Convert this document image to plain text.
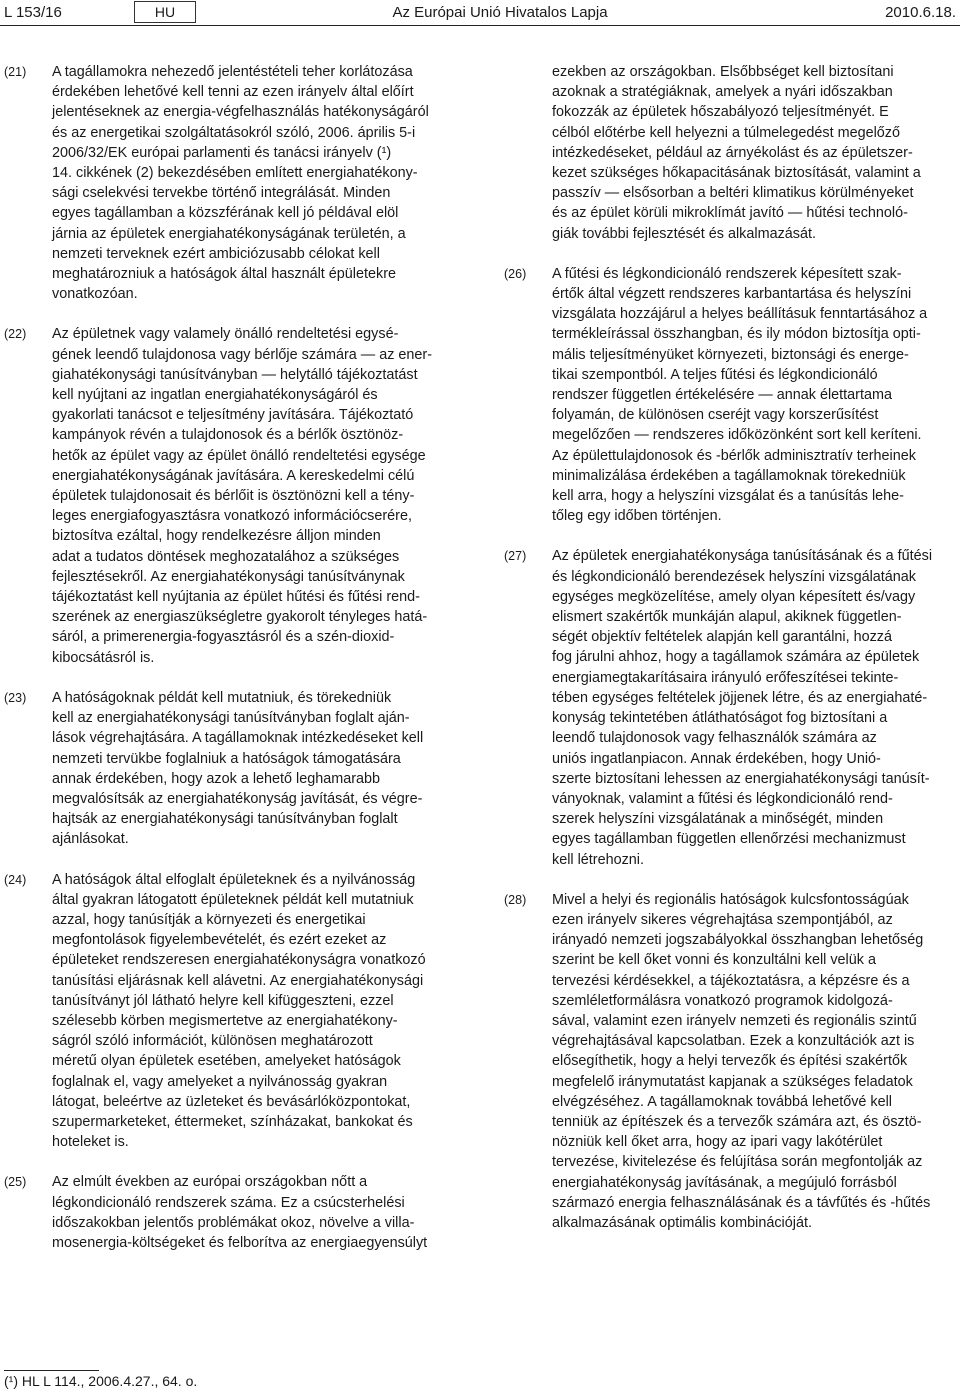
L 153/16	HU	Az Európai Unió Hivatalos Lapja	2010.6.18.
(21) A tagállamokra nehezedő jelentéstételi teher korlátozása
érdekében lehetővé kell tenni az ezen irányelv által előírt
jelentéseknek az energia-végfelhasználás hatékonyságáról
és az energetikai szolgáltatásokról szóló, 2006. április 5-i
2006/32/EK európai parlamenti és tanácsi irányelv (¹)
14. cikkének (2) bekezdésében említett energiahatékony-
sági cselekvési tervekbe történő integrálását. Minden
egyes tagállamban a közszférának kell jó példával elöl
járnia az épületek energiahatékonyságának területén, a
nemzeti terveknek ezért ambiciózusabb célokat kell
meghatározniuk a hatóságok által használt épületekre
vonatkozóan.
(22) Az épületnek vagy valamely önálló rendeltetési egysé-
gének leendő tulajdonosa vagy bérlője számára — az ener-
giahatékonysági tanúsítványban — helytálló tájékoztatást
kell nyújtani az ingatlan energiahatékonyságáról és
gyakorlati tanácsot e teljesítmény javítására. Tájékoztató
kampányok révén a tulajdonosok és a bérlők ösztönöz-
hetők az épület vagy az épület önálló rendeltetési egysége
energiahatékonyságának javítására. A kereskedelmi célú
épületek tulajdonosait és bérlőit is ösztönözni kell a tény-
leges energiafogyasztásra vonatkozó információcserére,
biztosítva ezáltal, hogy rendelkezésre álljon minden
adat a tudatos döntések meghozatalához a szükséges
fejlesztésekről. Az energiahatékonysági tanúsítványnak
tájékoztatást kell nyújtania az épület hűtési és fűtési rend-
szerének az energiaszükségletre gyakorolt tényleges hatá-
sáról, a primerenergia-fogyasztásról és a szén-dioxid-
kibocsátásról is.
(23) A hatóságoknak példát kell mutatniuk, és törekedniük
kell az energiahatékonysági tanúsítványban foglalt aján-
lások végrehajtására. A tagállamoknak intézkedéseket kell
nemzeti tervükbe foglalniuk a hatóságok támogatására
annak érdekében, hogy azok a lehető leghamarabb
megvalósítsák az energiahatékonyság javítását, és végre-
hajtsák az energiahatékonysági tanúsítványban foglalt
ajánlásokat.
(24) A hatóságok által elfoglalt épületeknek és a nyilvánosság
által gyakran látogatott épületeknek példát kell mutatniuk
azzal, hogy tanúsítják a környezeti és energetikai
megfontolások figyelembevételét, és ezért ezeket az
épületeket rendszeresen energiahatékonyságra vonatkozó
tanúsítási eljárásnak kell alávetni. Az energiahatékonysági
tanúsítványt jól látható helyre kell kifüggeszteni, ezzel
szélesebb körben megismertetve az energiahatékony-
ságról szóló információt, különösen meghatározott
méretű olyan épületek esetében, amelyeket hatóságok
foglalnak el, vagy amelyeket a nyilvánosság gyakran
látogat, beleértve az üzleteket és bevásárlóközpontokat,
szupermarketeket, éttermeket, színházakat, bankokat és
hoteleket is.
(25) Az elmúlt években az európai országokban nőtt a
légkondicionáló rendszerek száma. Ez a csúcsterhelési
időszakokban jelentős problémákat okoz, növelve a villa-
mosenergia-költségeket és felborítva az energiaegyensúlyt
ezekben az országokban. Elsőbbséget kell biztosítani
azoknak a stratégiáknak, amelyek a nyári időszakban
fokozzák az épületek hőszabályozó teljesítményét. E
célból előtérbe kell helyezni a túlmelegedést megelőző
intézkedéseket, például az árnyékolást és az épületszer-
kezet szükséges hőkapacitásának biztosítását, valamint a
passzív — elsősorban a beltéri klimatikus körülményeket
és az épület körüli mikroklímát javító — hűtési technoló-
giák további fejlesztését és alkalmazását.
(26) A fűtési és légkondicionáló rendszerek képesített szak-
értők által végzett rendszeres karbantartása és helyszíni
vizsgálata hozzájárul a helyes beállításuk fenntartásához a
termékleírással összhangban, és ily módon biztosítja opti-
mális teljesítményüket környezeti, biztonsági és energe-
tikai szempontból. A teljes fűtési és légkondicionáló
rendszer független értékelésére — annak élettartama
folyamán, de különösen cseréjt vagy korszerűsítést
megelőzően — rendszeres időközönként sort kell keríteni.
Az épülettulajdonosok és -bérlők adminisztratív terheinek
minimalizálása érdekében a tagállamoknak törekedniük
kell arra, hogy a helyszíni vizsgálat és a tanúsítás lehe-
tőleg egy időben történjen.
(27) Az épületek energiahatékonysága tanúsításának és a fűtési
és légkondicionáló berendezések helyszíni vizsgálatának
egységes megközelítése, amely olyan képesített és/vagy
elismert szakértők munkáján alapul, akiknek független-
ségét objektív feltételek alapján kell garantálni, hozzá
fog járulni ahhoz, hogy a tagállamok számára az épületek
energiamegtakarításaira irányuló erőfeszítései tekinte-
tében egységes feltételek jöjjenek létre, és az energiahaté-
konyság tekintetében átláthatóságot fog biztosítani a
leendő tulajdonosok vagy felhasználók számára az
uniós ingatlanpiacon. Annak érdekében, hogy Unió-
szerte biztosítani lehessen az energiahatékonysági tanúsít-
ványoknak, valamint a fűtési és légkondicionáló rend-
szerek helyszíni vizsgálatának a minőségét, minden
egyes tagállamban független ellenőrzési mechanizmust
kell létrehozni.
(28) Mivel a helyi és regionális hatóságok kulcsfontosságúak
ezen irányelv sikeres végrehajtása szempontjából, az
irányadó nemzeti jogszabályokkal összhangban lehetőség
szerint be kell őket vonni és konzultálni kell velük a
tervezési kérdésekkel, a tájékoztatásra, a képzésre és a
szemléletformálásra vonatkozó programok kidolgozá-
sával, valamint ezen irányelv nemzeti és regionális szintű
végrehajtásával kapcsolatban. Ezek a konzultációk azt is
elősegíthetik, hogy a helyi tervezők és építési szakértők
megfelelő iránymutatást kapjanak a szükséges feladatok
elvégzéséhez. A tagállamoknak továbbá lehetővé kell
tenniük az építészek és a tervezők számára azt, és ösztö-
nözniük kell őket arra, hogy az ipari vagy lakótérület
tervezése, kivitelezése és felújítása során megfontolják az
energiahatékonyság javításának, a megújuló forrásból
származó energia felhasználásának és a távfűtés és -hűtés
alkalmazásának optimális kombinációját.
(¹) HL L 114., 2006.4.27., 64. o.
